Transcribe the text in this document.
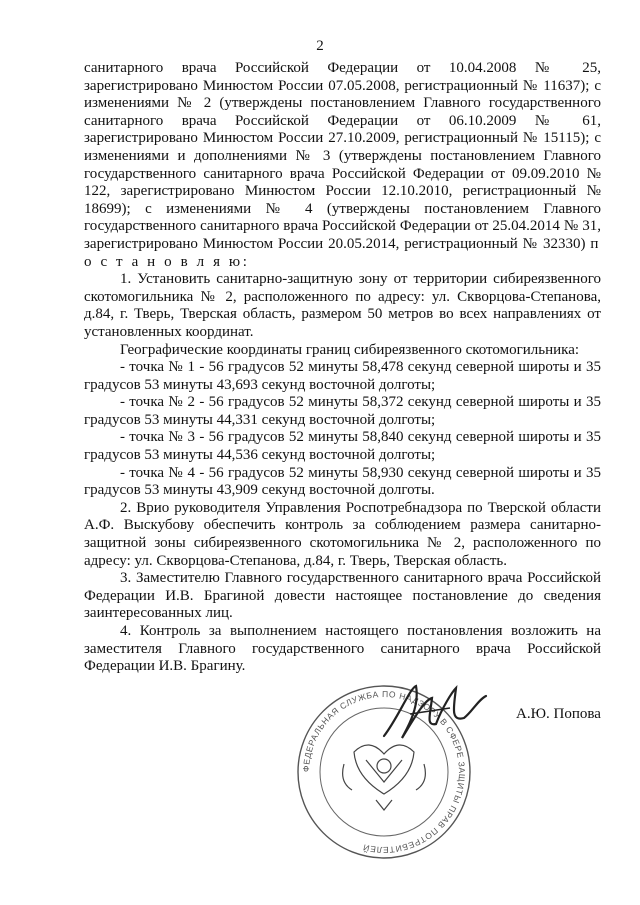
2

санитарного врача Российской Федерации от 10.04.2008 № 25, зарегистрировано Минюстом России 07.05.2008, регистрационный № 11637); с изменениями № 2 (утверждены постановлением Главного государственного санитарного врача Российской Федерации от 06.10.2009 № 61, зарегистрировано Минюстом России 27.10.2009, регистрационный № 15115); с изменениями и дополнениями № 3 (утверждены постановлением Главного государственного санитарного врача Российской Федерации от 09.09.2010 № 122, зарегистрировано Минюстом России 12.10.2010, регистрационный № 18699); с изменениями № 4 (утверждены постановлением Главного государственного санитарного врача Российской Федерации от 25.04.2014 № 31, зарегистрировано Минюстом России 20.05.2014, регистрационный № 32330) п о с т а н о в л я ю:

1. Установить санитарно-защитную зону от территории сибиреязвенного скотомогильника № 2, расположенного по адресу: ул. Скворцова-Степанова, д.84, г. Тверь, Тверская область, размером 50 метров во всех направлениях от установленных координат.

Географические координаты границ сибиреязвенного скотомогильника:

- точка № 1 - 56 градусов 52 минуты 58,478 секунд северной широты и 35 градусов 53 минуты 43,693 секунд восточной долготы;

- точка № 2 - 56 градусов 52 минуты 58,372 секунд северной широты и 35 градусов 53 минуты 44,331 секунд восточной долготы;

- точка № 3 - 56 градусов 52 минуты 58,840 секунд северной широты и 35 градусов 53 минуты 44,536 секунд восточной долготы;

- точка № 4 - 56 градусов 52 минуты 58,930 секунд северной широты и 35 градусов 53 минуты 43,909 секунд восточной долготы.

2. Врио руководителя Управления Роспотребнадзора по Тверской области А.Ф. Выскубову обеспечить контроль за соблюдением размера санитарно-защитной зоны сибиреязвенного скотомогильника № 2, расположенного по адресу: ул. Скворцова-Степанова, д.84, г. Тверь, Тверская область.

3. Заместителю Главного государственного санитарного врача Российской Федерации И.В. Брагиной довести настоящее постановление до сведения заинтересованных лиц.

4. Контроль за выполнением настоящего постановления возложить на заместителя Главного государственного санитарного врача Российской Федерации И.В. Брагину.

ФЕДЕРАЛЬНАЯ СЛУЖБА ПО НАДЗОРУ В СФЕРЕ ЗАЩИТЫ ПРАВ ПОТРЕБИТЕЛЕЙ
А.Ю. Попова
